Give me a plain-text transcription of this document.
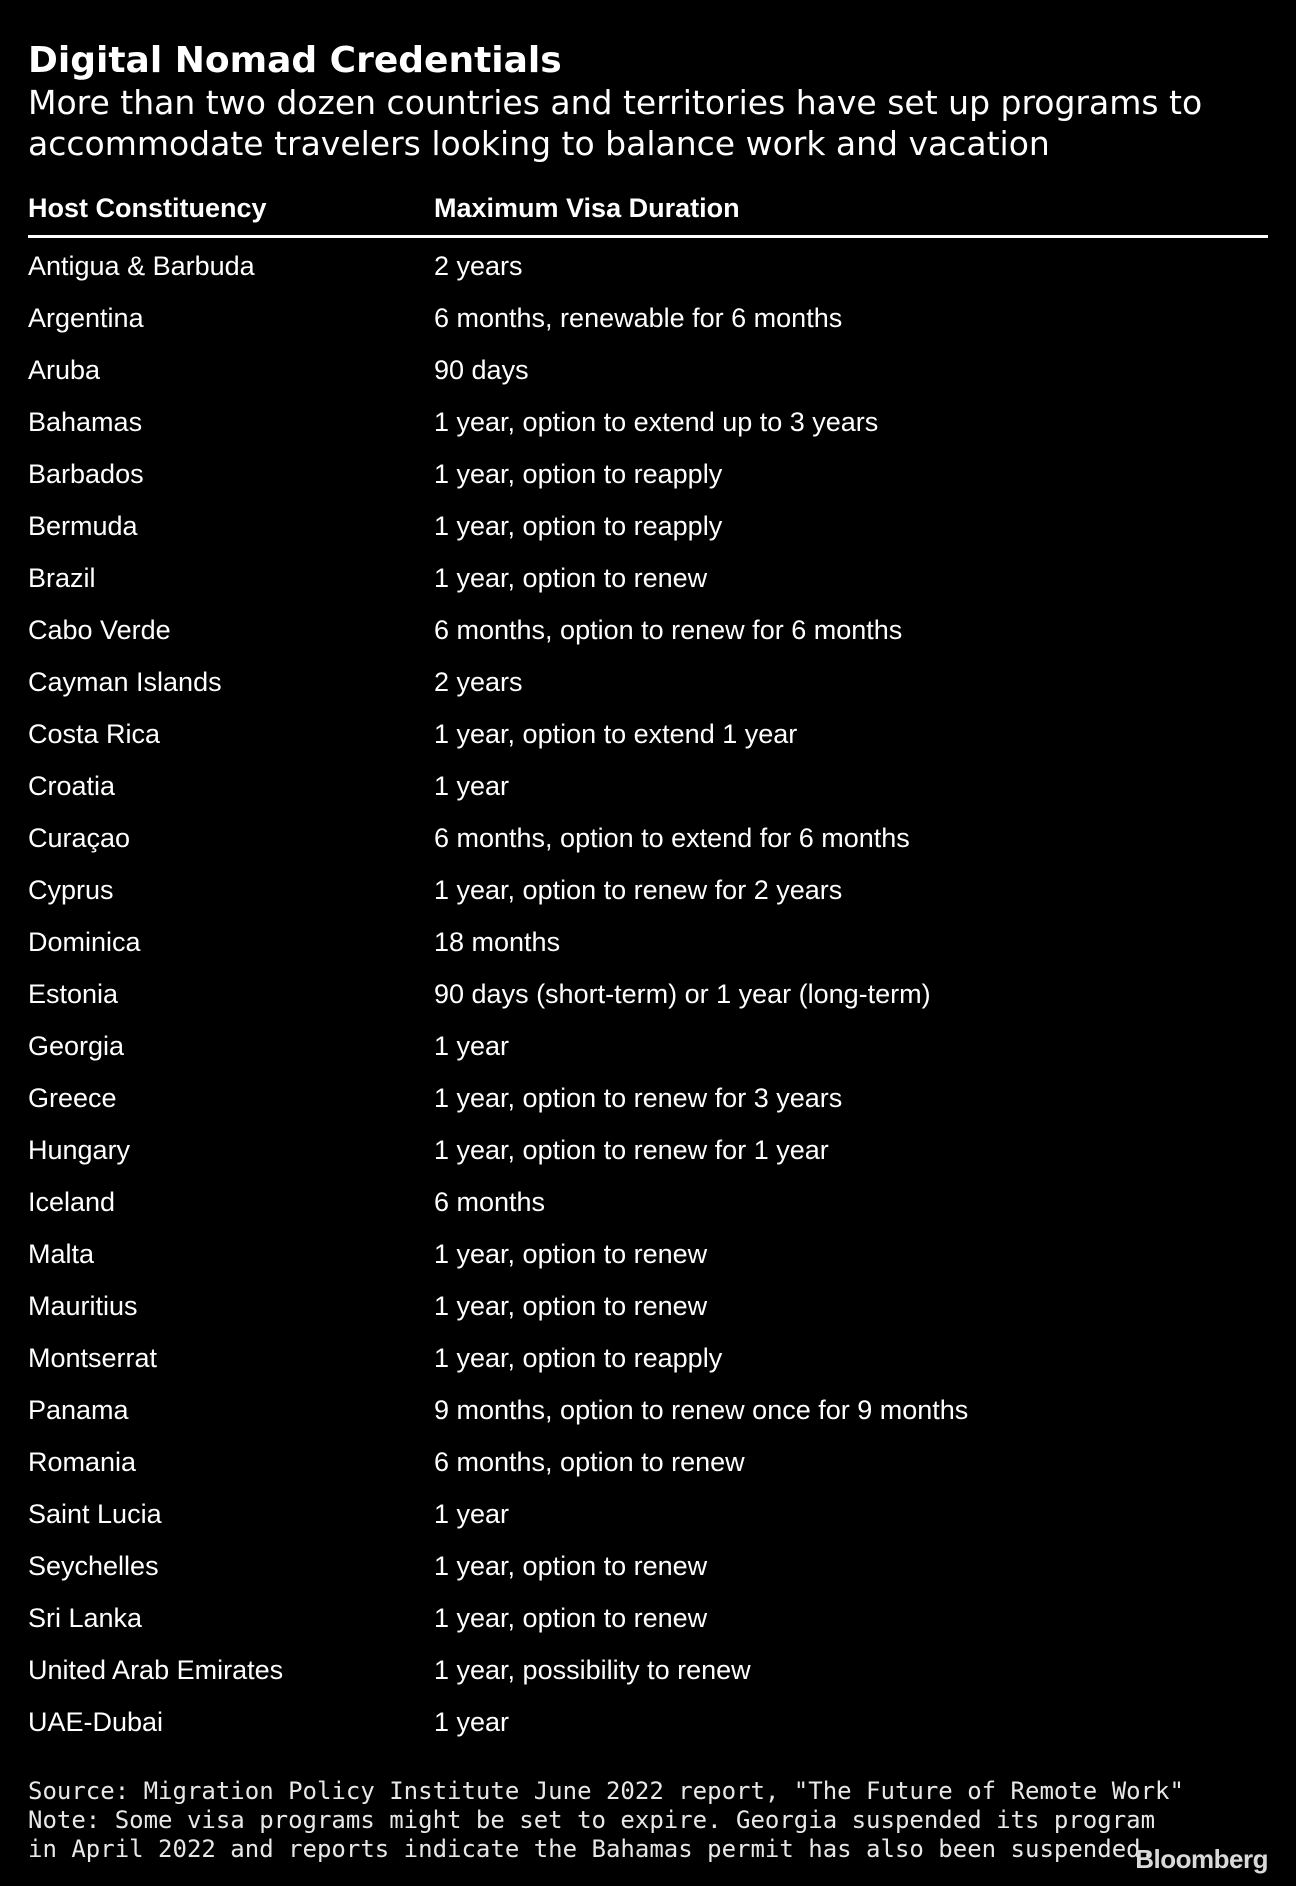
Digital Nomad Credentials
More than two dozen countries and territories have set up programs to accommodate travelers looking to balance work and vacation
Host Constituency	Maximum Visa Duration
Antigua & Barbuda	2 years
Argentina	6 months, renewable for 6 months
Aruba	90 days
Bahamas	1 year, option to extend up to 3 years
Barbados	1 year, option to reapply
Bermuda	1 year, option to reapply
Brazil	1 year, option to renew
Cabo Verde	6 months, option to renew for 6 months
Cayman Islands	2 years
Costa Rica	1 year, option to extend 1 year
Croatia	1 year
Curaçao	6 months, option to extend for 6 months
Cyprus	1 year, option to renew for 2 years
Dominica	18 months
Estonia	90 days (short-term) or 1 year (long-term)
Georgia	1 year
Greece	1 year, option to renew for 3 years
Hungary	1 year, option to renew for 1 year
Iceland	6 months
Malta	1 year, option to renew
Mauritius	1 year, option to renew
Montserrat	1 year, option to reapply
Panama	9 months, option to renew once for 9 months
Romania	6 months, option to renew
Saint Lucia	1 year
Seychelles	1 year, option to renew
Sri Lanka	1 year, option to renew
United Arab Emirates	1 year, possibility to renew
UAE-Dubai	1 year
Source: Migration Policy Institute June 2022 report, "The Future of Remote Work"
Note: Some visa programs might be set to expire. Georgia suspended its program
in April 2022 and reports indicate the Bahamas permit has also been suspended.
Bloomberg
